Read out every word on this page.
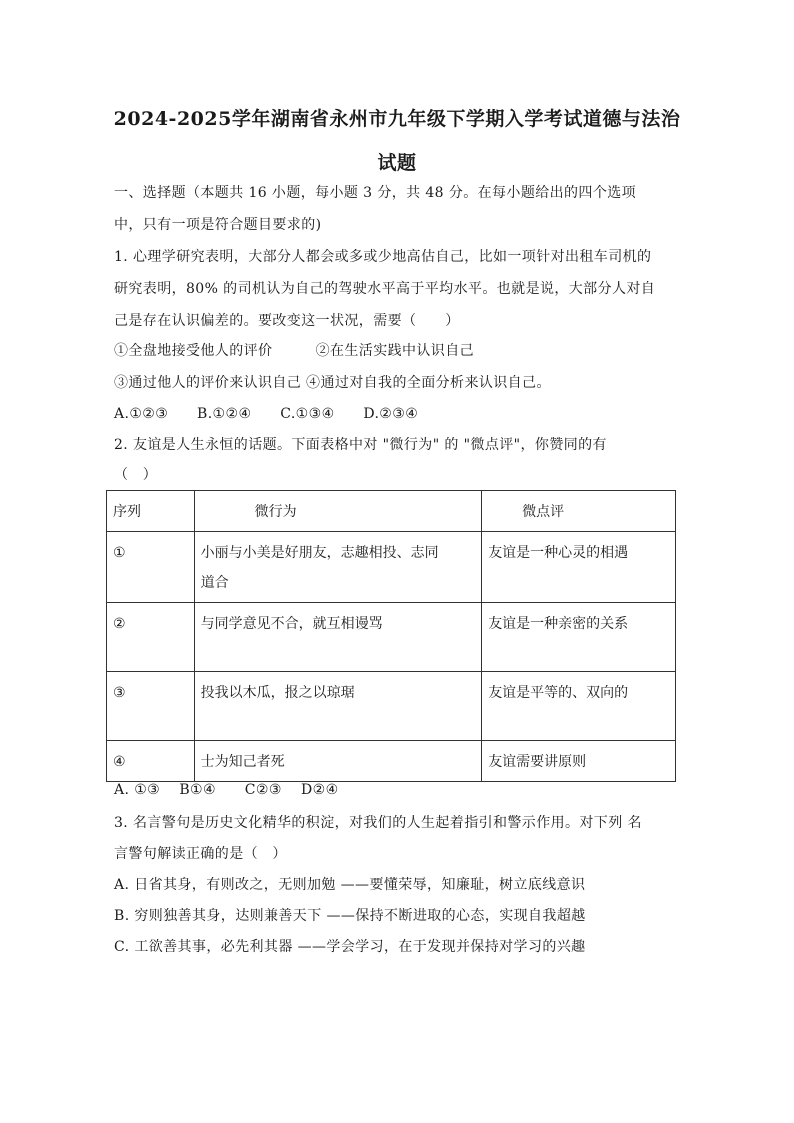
2024-2025学年湖南省永州市九年级下学期入学考试道德与法治
试题
一、选择题（本题共 16 小题，每小题 3 分，共 48 分。在每小题给出的四个选项
中，只有一项是符合题目要求的)
1. 心理学研究表明，大部分人都会或多或少地高估自己，比如一项针对出租车司机的
研究表明，80% 的司机认为自己的驾驶水平高于平均水平。也就是说，大部分人对自
己是存在认识偏差的。要改变这一状况，需要（　　）
①全盘地接受他人的评价　　　②在生活实践中认识自己
③通过他人的评价来认识自己 ④通过对自我的全面分析来认识自己。
A.①②③　　B.①②④　　C.①③④　　D.②③④
2. 友谊是人生永恒的话题。下面表格中对 "微行为" 的 "微点评"，你赞同的有
（　）
序列	微行为	微点评
①	小丽与小美是好朋友，志趣相投、志同
道合	友谊是一种心灵的相遇
②	与同学意见不合，就互相谩骂	友谊是一种亲密的关系
③	投我以木瓜，报之以琼琚	友谊是平等的、双向的
④	士为知己者死	友谊需要讲原则
A. ①③　 B①④　　C②③　 D②④
3. 名言警句是历史文化精华的积淀，对我们的人生起着指引和警示作用。对下列 名
言警句解读正确的是（　）
A. 日省其身，有则改之，无则加勉 ——要懂荣辱，知廉耻，树立底线意识
B. 穷则独善其身，达则兼善天下 ——保持不断进取的心态，实现自我超越
C. 工欲善其事，必先利其器 ——学会学习，在于发现并保持对学习的兴趣
